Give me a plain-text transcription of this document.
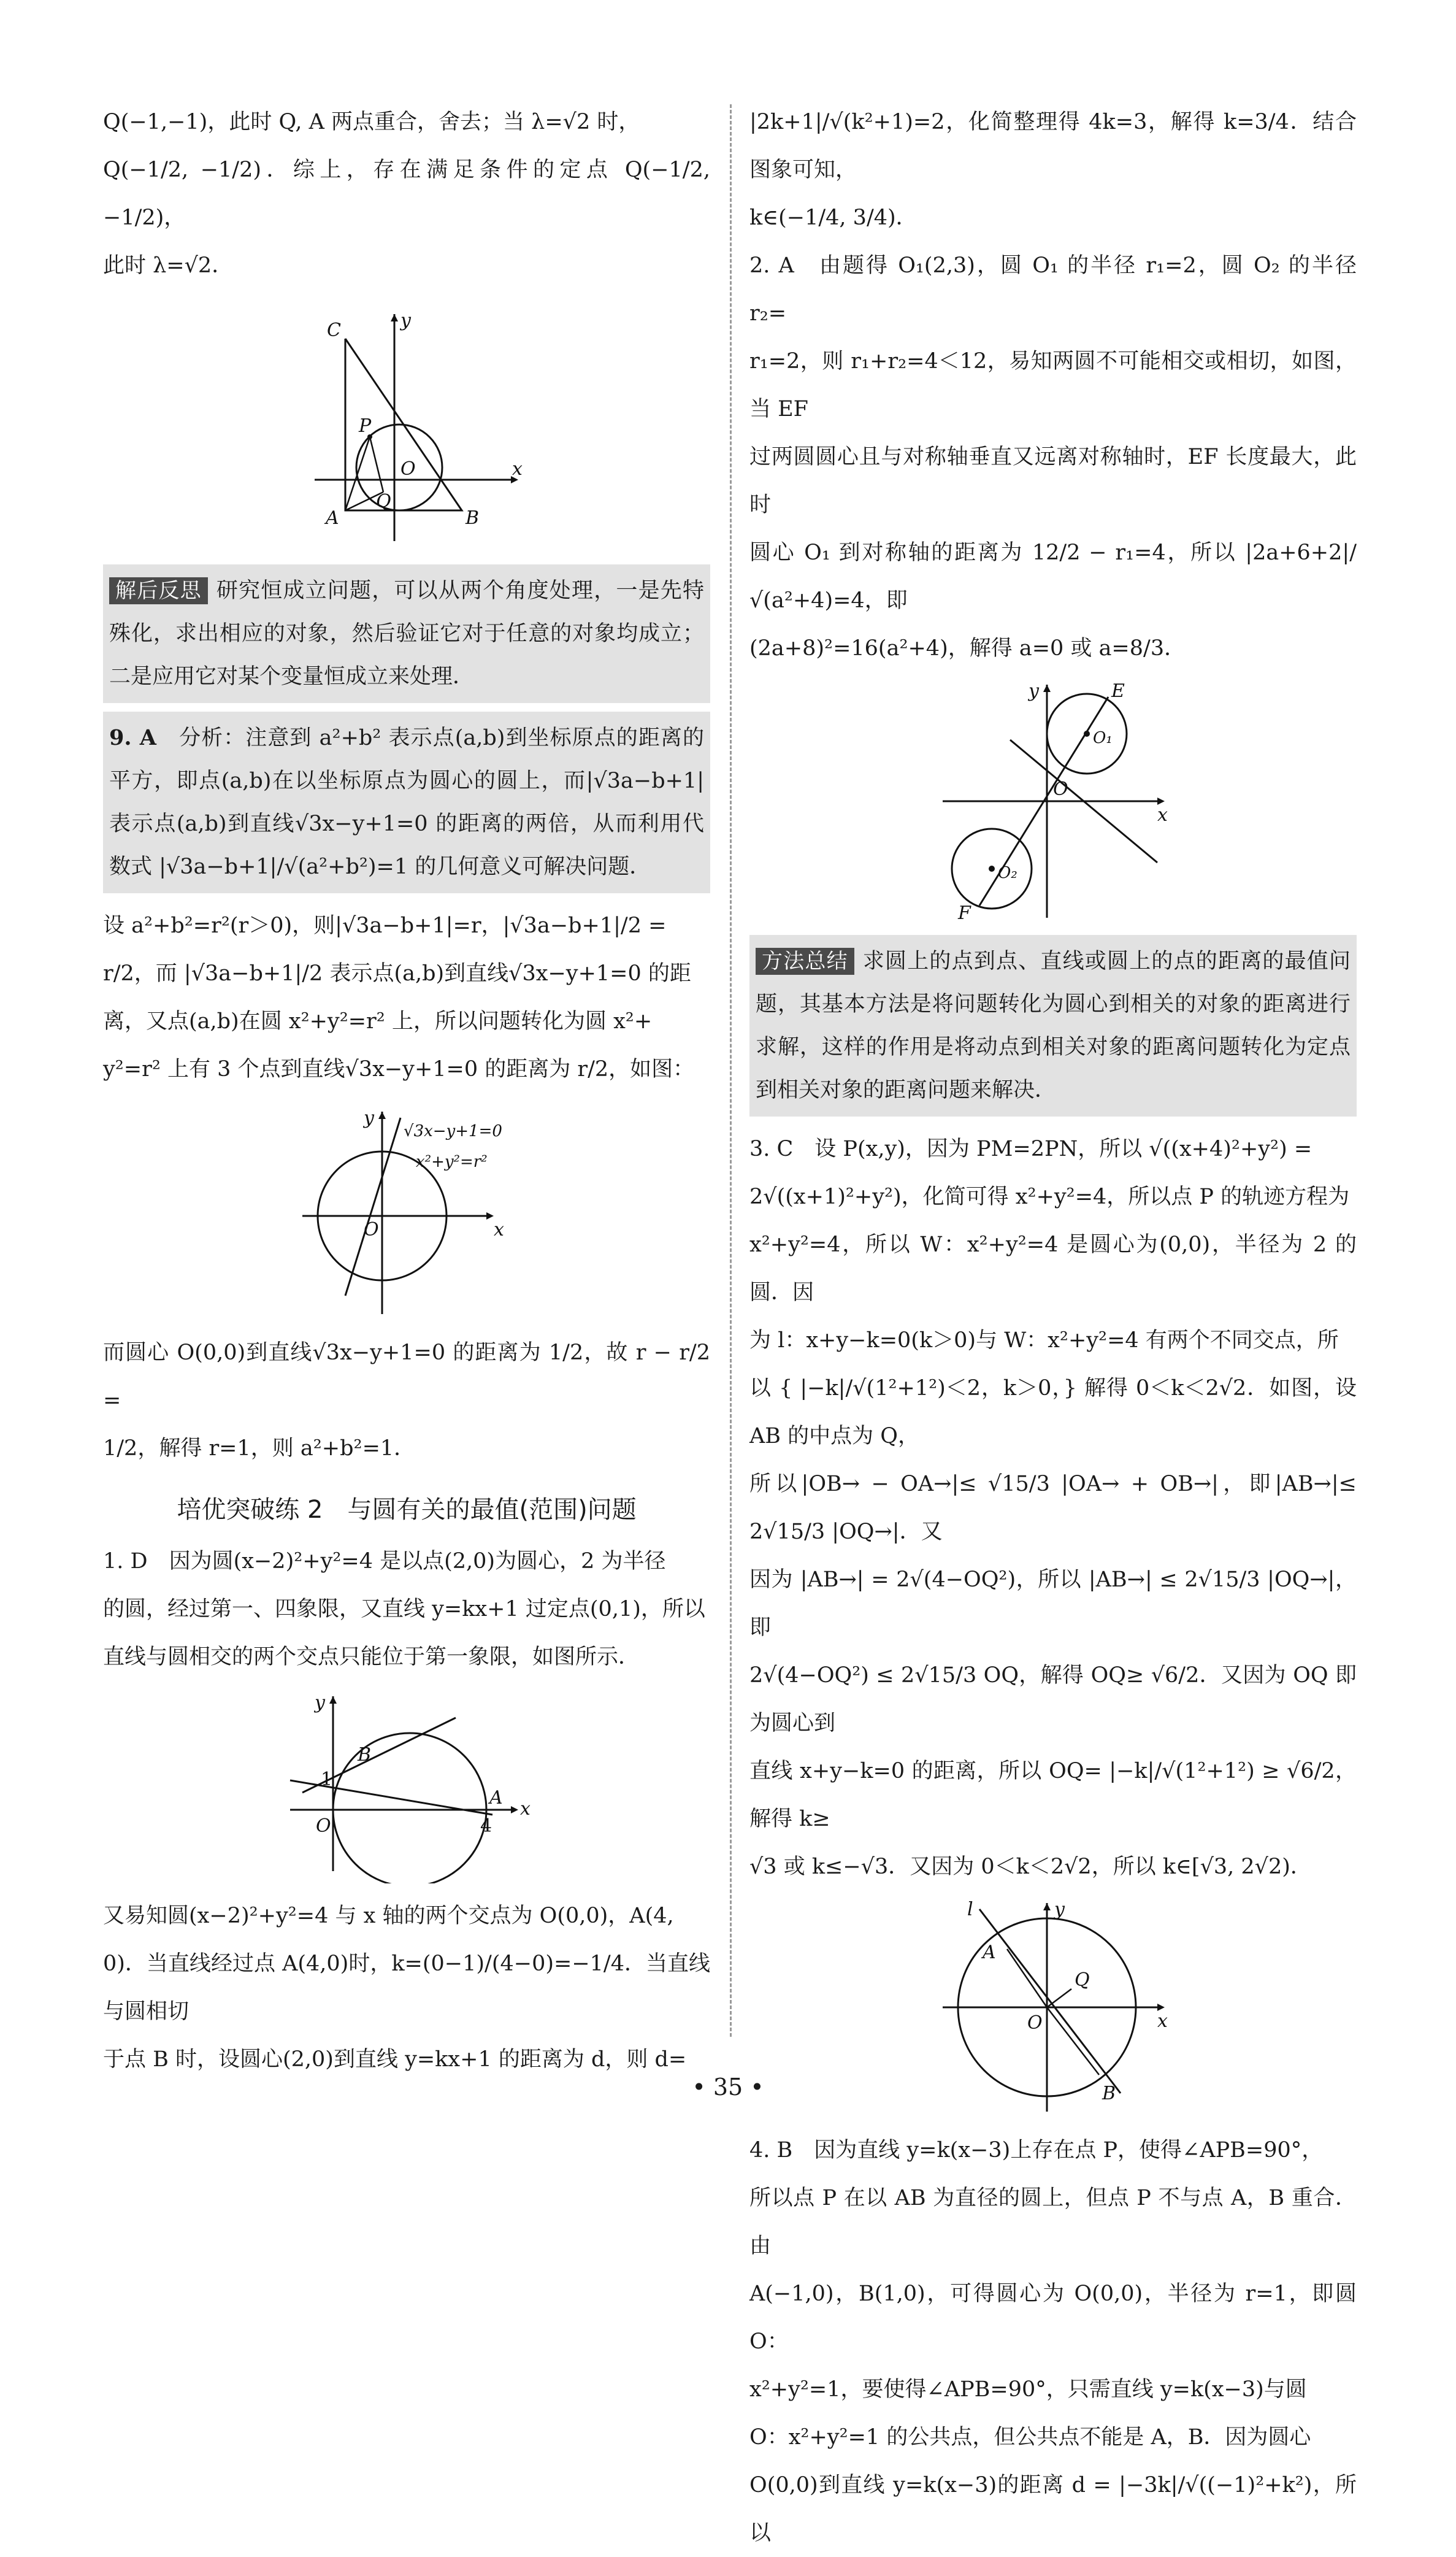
Q(−1,−1)，此时 Q, A 两点重合，舍去；当 λ=√2 时，

Q(−1/2, −1/2)．综上，存在满足条件的定点 Q(−1/2, −1/2)，

此时 λ=√2．

C	y
P
O
Q
x
A	B

解后反思 研究恒成立问题，可以从两个角度处理，一是先特殊化，求出相应的对象，然后验证它对于任意的对象均成立；二是应用它对某个变量恒成立来处理．

9. A　 分析：注意到 a²+b² 表示点(a,b)到坐标原点的距离的平方，即点(a,b)在以坐标原点为圆心的圆上，而|√3a−b+1|表示点(a,b)到直线√3x−y+1=0 的距离的两倍，从而利用代数式 |√3a−b+1|/√(a²+b²)=1 的几何意义可解决问题．

设 a²+b²=r²(r＞0)，则|√3a−b+1|=r，|√3a−b+1|/2 =

r/2，而 |√3a−b+1|/2 表示点(a,b)到直线√3x−y+1=0 的距

离，又点(a,b)在圆 x²+y²=r² 上，所以问题转化为圆 x²+

y²=r² 上有 3 个点到直线√3x−y+1=0 的距离为 r/2，如图：

y
√3x−y+1=0
x²+y²=r²
O	x

而圆心 O(0,0)到直线√3x−y+1=0 的距离为 1/2，故 r − r/2 =

1/2，解得 r=1，则 a²+b²=1．

培优突破练 2　与圆有关的最值(范围)问题

1. D　因为圆(x−2)²+y²=4 是以点(2,0)为圆心，2 为半径

的圆，经过第一、四象限，又直线 y=kx+1 过定点(0,1)，所以

直线与圆相交的两个交点只能位于第一象限，如图所示．

y
B
1
A
O	4
x

又易知圆(x−2)²+y²=4 与 x 轴的两个交点为 O(0,0)，A(4,

0)．当直线经过点 A(4,0)时，k=(0−1)/(4−0)=−1/4．当直线与圆相切

于点 B 时，设圆心(2,0)到直线 y=kx+1 的距离为 d，则 d=

|2k+1|/√(k²+1)=2，化简整理得 4k=3，解得 k=3/4．结合图象可知，

k∈(−1/4, 3/4)．

2. A　由题得 O₁(2,3)，圆 O₁ 的半径 r₁=2，圆 O₂ 的半径 r₂=

r₁=2，则 r₁+r₂=4＜12，易知两圆不可能相交或相切，如图，当 EF

过两圆圆心且与对称轴垂直又远离对称轴时，EF 长度最大，此时

圆心 O₁ 到对称轴的距离为 12/2 − r₁=4，所以 |2a+6+2|/√(a²+4)=4，即

(2a+8)²=16(a²+4)，解得 a=0 或 a=8/3．

y	E
O₁
O
x
O₂
F

方法总结 求圆上的点到点、直线或圆上的点的距离的最值问题，其基本方法是将问题转化为圆心到相关的对象的距离进行求解，这样的作用是将动点到相关对象的距离问题转化为定点到相关对象的距离问题来解决．

3. C　设 P(x,y)，因为 PM=2PN，所以 √((x+4)²+y²) =

2√((x+1)²+y²)，化简可得 x²+y²=4，所以点 P 的轨迹方程为

x²+y²=4，所以 W：x²+y²=4 是圆心为(0,0)，半径为 2 的圆．因

为 l：x+y−k=0(k＞0)与 W：x²+y²=4 有两个不同交点，所

以 { |−k|/√(1²+1²)＜2，k＞0，} 解得 0＜k＜2√2．如图，设 AB 的中点为 Q，

所以|OB→ − OA→|≤ √15/3 |OA→ + OB→|，即|AB→|≤ 2√15/3 |OQ→|．又

因为 |AB→| = 2√(4−OQ²)，所以 |AB→| ≤ 2√15/3 |OQ→|，即

2√(4−OQ²) ≤ 2√15/3 OQ，解得 OQ≥ √6/2．又因为 OQ 即为圆心到

直线 x+y−k=0 的距离，所以 OQ= |−k|/√(1²+1²) ≥ √6/2，解得 k≥

√3 或 k≤−√3．又因为 0＜k＜2√2，所以 k∈[√3, 2√2)．

l	y
A
Q
O	x
B

4. B　因为直线 y=k(x−3)上存在点 P，使得∠APB=90°，

所以点 P 在以 AB 为直径的圆上，但点 P 不与点 A，B 重合．由

A(−1,0)，B(1,0)，可得圆心为 O(0,0)，半径为 r=1，即圆 O：

x²+y²=1，要使得∠APB=90°，只需直线 y=k(x−3)与圆

O：x²+y²=1 的公共点，但公共点不能是 A，B．因为圆心

O(0,0)到直线 y=k(x−3)的距离 d = |−3k|/√((−1)²+k²)，所以

• 35 •
